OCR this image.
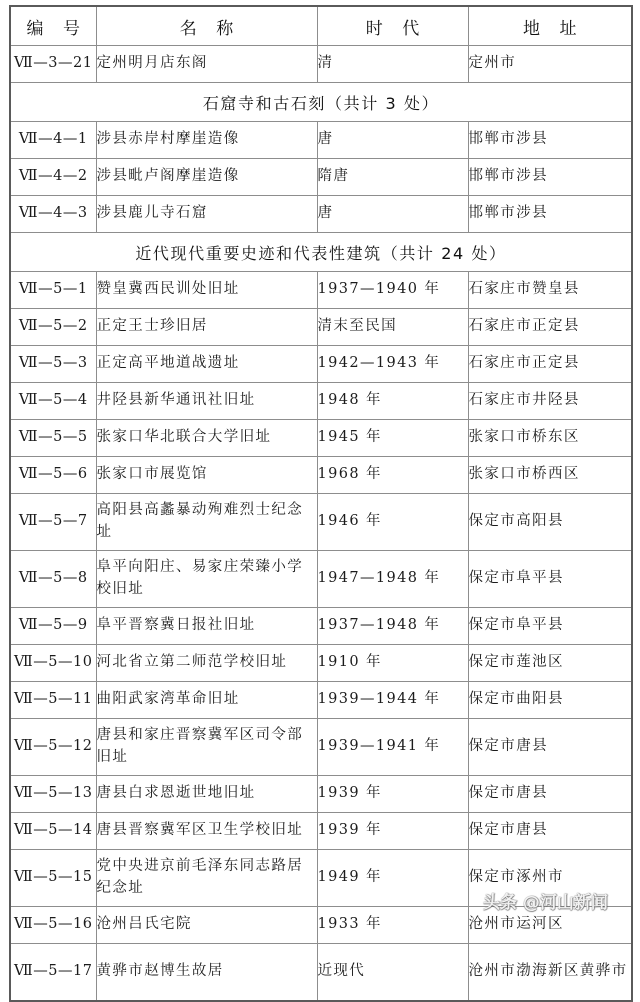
编 号	名 称	时 代	地 址
Ⅶ—3—21	定州明月店东阁	清	定州市
石窟寺和古石刻（共计 3 处）			
Ⅶ—4—1	涉县赤岸村摩崖造像	唐	邯郸市涉县
Ⅶ—4—2	涉县毗卢阁摩崖造像	隋唐	邯郸市涉县
Ⅶ—4—3	涉县鹿儿寺石窟	唐	邯郸市涉县
近代现代重要史迹和代表性建筑（共计 24 处）			
Ⅶ—5—1	赞皇冀西民训处旧址	1937—1940 年	石家庄市赞皇县
Ⅶ—5—2	正定王士珍旧居	清末至民国	石家庄市正定县
Ⅶ—5—3	正定高平地道战遗址	1942—1943 年	石家庄市正定县
Ⅶ—5—4	井陉县新华通讯社旧址	1948 年	石家庄市井陉县
Ⅶ—5—5	张家口华北联合大学旧址	1945 年	张家口市桥东区
Ⅶ—5—6	张家口市展览馆	1968 年	张家口市桥西区
Ⅶ—5—7	高阳县高蠡暴动殉难烈士纪念址	1946 年	保定市高阳县
Ⅶ—5—8	阜平向阳庄、易家庄荣臻小学校旧址	1947—1948 年	保定市阜平县
Ⅶ—5—9	阜平晋察冀日报社旧址	1937—1948 年	保定市阜平县
Ⅶ—5—10	河北省立第二师范学校旧址	1910 年	保定市莲池区
Ⅶ—5—11	曲阳武家湾革命旧址	1939—1944 年	保定市曲阳县
Ⅶ—5—12	唐县和家庄晋察冀军区司令部旧址	1939—1941 年	保定市唐县
Ⅶ—5—13	唐县白求恩逝世地旧址	1939 年	保定市唐县
Ⅶ—5—14	唐县晋察冀军区卫生学校旧址	1939 年	保定市唐县
Ⅶ—5—15	党中央进京前毛泽东同志路居纪念址	1949 年	保定市涿州市
Ⅶ—5—16	沧州吕氏宅院	1933 年	沧州市运河区
Ⅶ—5—17	黄骅市赵博生故居	近现代	沧州市渤海新区黄骅市
头条 @河山新闻
